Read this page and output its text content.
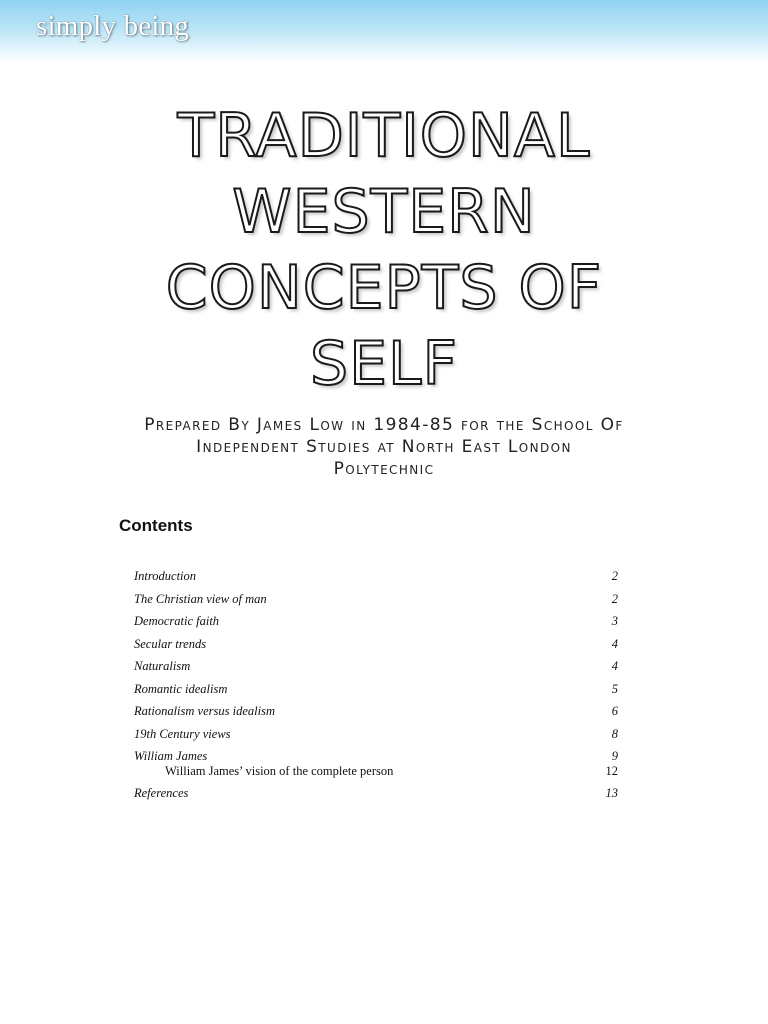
simply being
TRADITIONAL
WESTERN
CONCEPTS OF
SELF
Prepared By James Low in 1984-85 for the School Of
Independent Studies at North East London
Polytechnic
Contents
Introduction	2
The Christian view of man	2
Democratic faith	3
Secular trends	4
Naturalism	4
Romantic idealism	5
Rationalism versus idealism	6
19th Century views	8
William James	9
William James’ vision of the complete person	12
References	13
